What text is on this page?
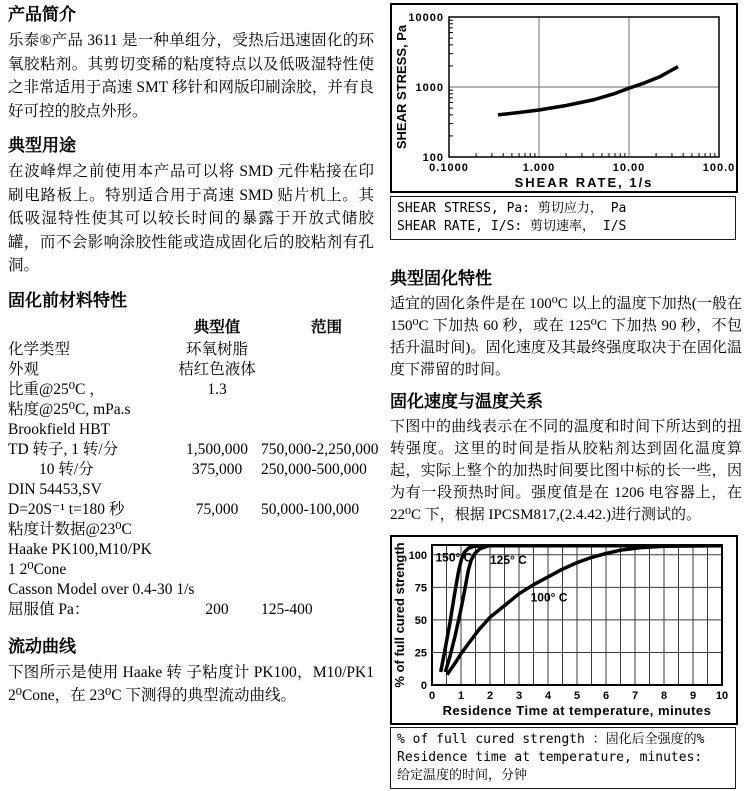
产品简介

乐泰®产品 3611 是一种单组分，受热后迅速固化的环氧胶粘剂。其剪切变稀的粘度特点以及低吸湿特性使之非常适用于高速 SMT 移针和网版印刷涂胶，并有良好可控的胶点外形。

典型用途

在波峰焊之前使用本产品可以将 SMD 元件粘接在印刷电路板上。特别适合用于高速 SMD 贴片机上。其低吸湿特性使其可以较长时间的暴露于开放式储胶罐，而不会影响涂胶性能或造成固化后的胶粘剂有孔洞。

固化前材料特性
典型值	范围
化学类型	环氧树脂
外观	桔红色液体
比重@25⁰C ，	1.3
粘度@25⁰C, mPa.s
Brookfield HBT
TD 转子, 1 转/分	1,500,000 750,000-2,250,000
　　10 转/分	375,000	250,000-500,000
DIN 54453,SV
D=20S⁻¹ t=180 秒	75,000	50,000-100,000
粘度计数据@23⁰C
Haake PK100,M10/PK
1 2⁰Cone
Casson Model over 0.4-30 1/s
屈服值 Pa：	200	125-400
流动曲线

下图所示是使用 Haake 转 子粘度计 PK100，M10/PK1 2⁰Cone，在 23⁰C 下测得的典型流动曲线。

0.1000	1.000	10.00	100.0
100
1000
10000
SHEAR RATE, 1/s
SHEAR STRESS, Pa
SHEAR STRESS, Pa: 剪切应力， Pa
SHEAR RATE, I/S: 剪切速率， I/S
典型固化特性

适宜的固化条件是在 100⁰C 以上的温度下加热(一般在 150⁰C 下加热 60 秒，或在 125⁰C 下加热 90 秒，不包括升温时间)。固化速度及其最终强度取决于在固化温度下滞留的时间。

固化速度与温度关系

下图中的曲线表示在不同的温度和时间下所达到的扭转强度。这里的时间是指从胶粘剂达到固化温度算起，实际上整个的加热时间要比图中标的长一些，因为有一段预热时间。强度值是在 1206 电容器上，在 22⁰C 下，根据 IPCSM817,(2.4.42.)进行测试的。

0 1 2 3 4 5 6 7 8 9 10
0
25
50
75
100
Residence Time at temperature, minutes
% of full cured strength 150° C 125° C
100° C
% of full cured strength ：固化后全强度的%
Residence time at temperature, minutes:
给定温度的时间，分钟
